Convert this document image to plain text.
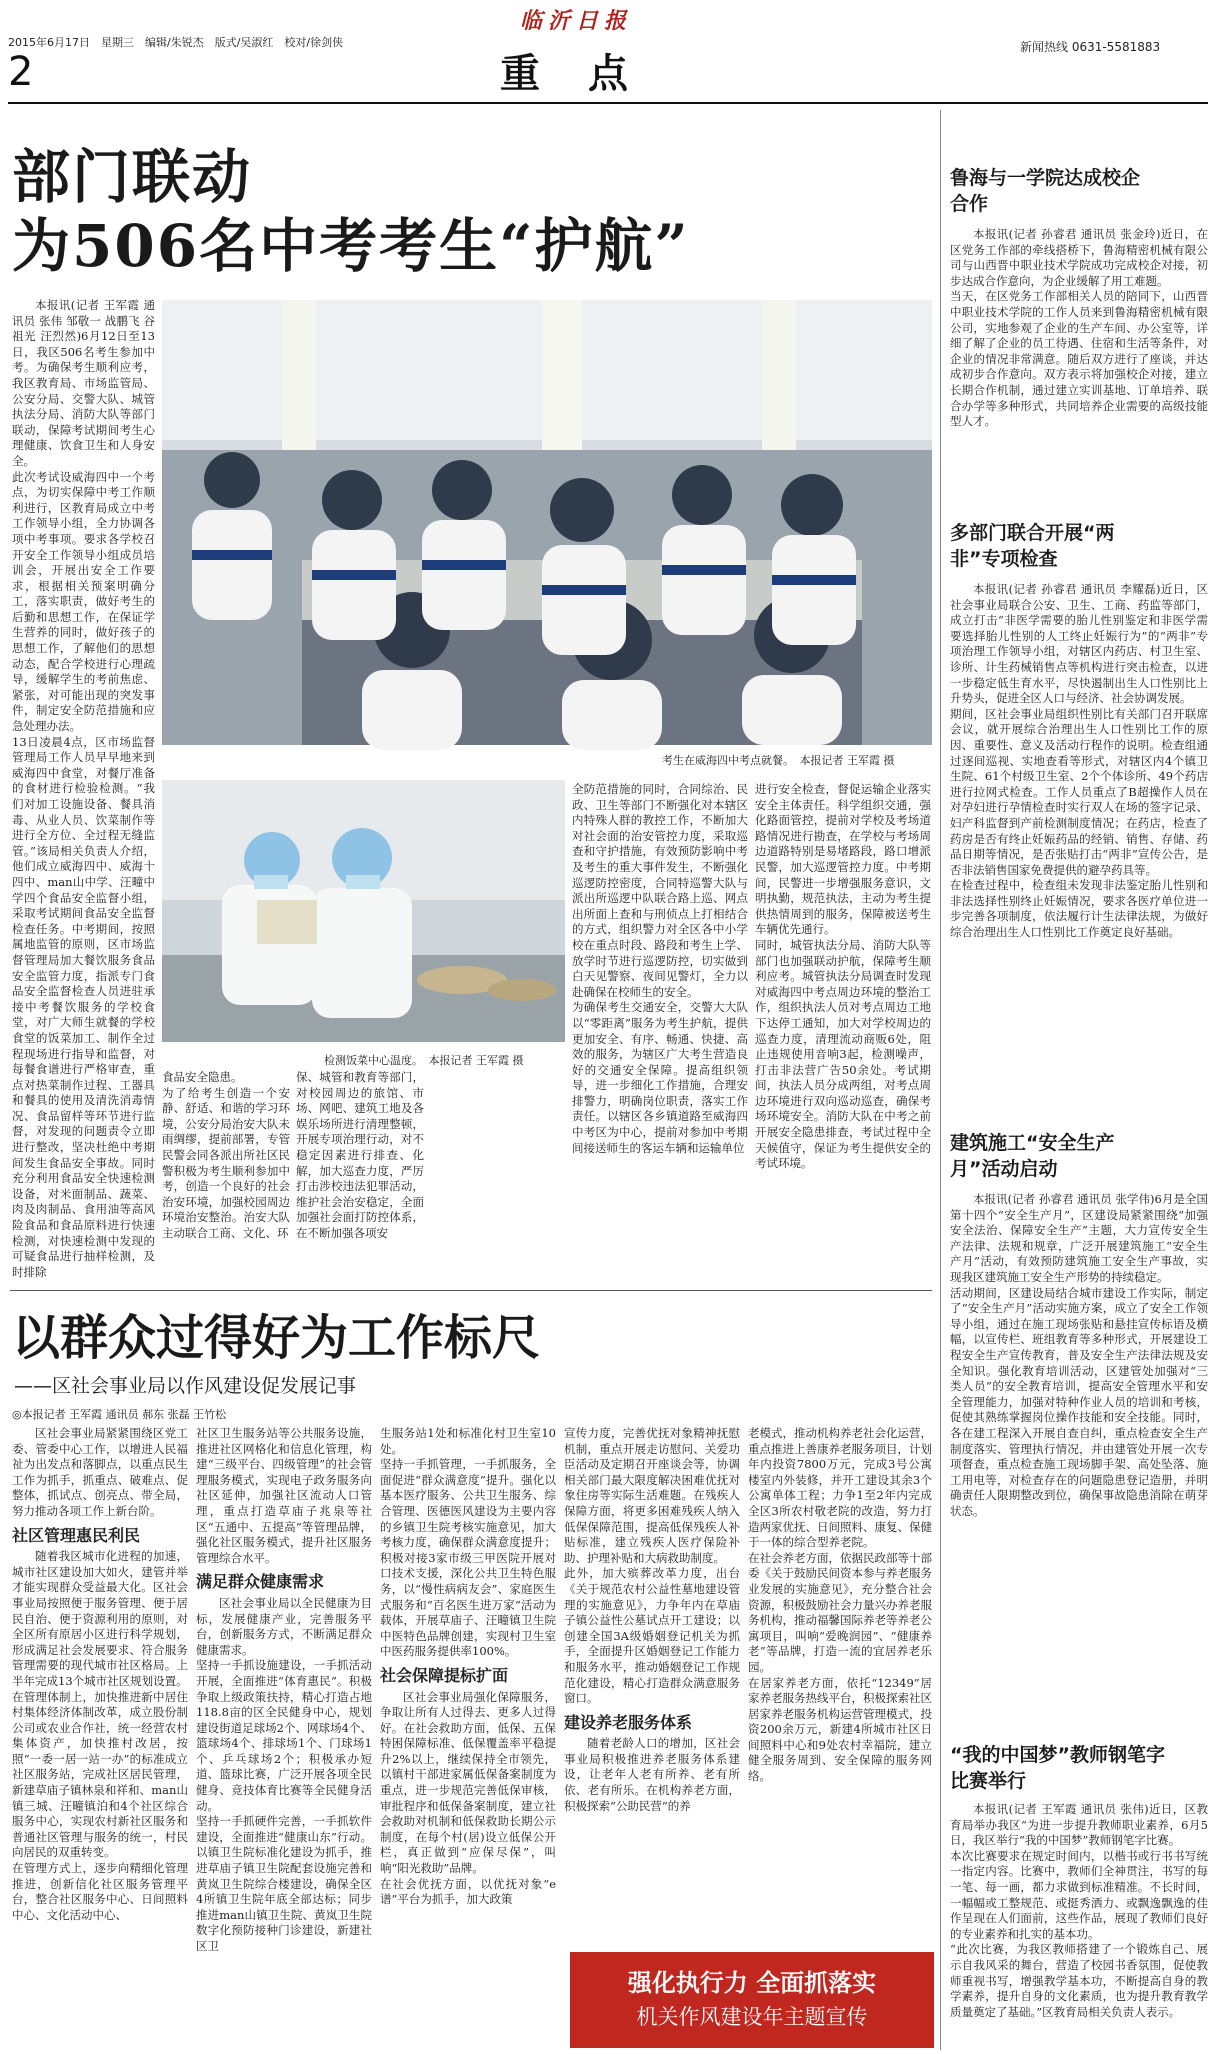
2015年6月17日　星期三　编辑/朱锐杰　版式/吴淑红　校对/徐剑侠
临沂日报
2	重　点
新闻热线 0631-5581883
部门联动
为506名中考考生“护航”
本报讯(记者 王军霞 通讯员 张伟 邹敬一 战鹏飞 谷祖光 汪烈然)6月12日至13日，我区506名考生参加中考。为确保考生顺利应考，我区教育局、市场监管局、公安分局、交警大队、城管执法分局、消防大队等部门联动，保障考试期间考生心理健康、饮食卫生和人身安全。
此次考试设威海四中一个考点，为切实保障中考工作顺利进行，区教育局成立中考工作领导小组，全力协调各项中考事项。要求各学校召开安全工作领导小组成员培训会，开展出安全工作要求，根据相关预案明确分工，落实职责，做好考生的后勤和思想工作，在保证学生营养的同时，做好孩子的思想工作，了解他们的思想动态，配合学校进行心理疏导，缓解学生的考前焦虑、紧张，对可能出现的突发事件，制定安全防范措施和应急处理办法。
13日凌晨4点，区市场监督管理局工作人员早早地来到威海四中食堂，对餐厅准备的食材进行检验检测。“我们对加工设施设备、餐具消毒、从业人员、饮菜制作等进行全方位、全过程无缝监管。”该局相关负责人介绍，他们成立威海四中、威海十四中、man山中学、汪疃中学四个食品安全监督小组，采取考试期间食品安全监督检查任务。中考期间，按照属地监管的原则，区市场监督管理局加大餐饮服务食品安全监管力度，指派专门食品安全监督检查人员进驻承接中考餐饮服务的学校食堂，对广大师生就餐的学校食堂的饭菜加工、制作全过程现场进行指导和监督，对每餐食谱进行严格审查，重点对热菜制作过程、工器具和餐具的使用及清洗消毒情况、食品留样等环节进行监督，对发现的问题责令立即进行整改，坚决杜绝中考期间发生食品安全事故。同时充分利用食品安全快速检测设备，对米面制品、蔬菜、肉及肉制品、食用油等高风险食品和食品原料进行快速检测，对快速检测中发现的可疑食品进行抽样检测，及时排除
考生在威海四中考点就餐。　本报记者 王军霞 摄
检测饭菜中心温度。　本报记者 王军霞 摄
食品安全隐患。
为了给考生创造一个安静、舒适、和谐的学习环境，公安分局治安大队未雨绸缪，提前部署，专管民警会同各派出所社区民警积极为考生顺利参加中考，创造一个良好的社会治安环境，加强校园周边环境治安整治。治安大队主动联合工商、文化、环
保、城管和教育等部门，对校园周边的旅馆、市场、网吧、建筑工地及各娱乐场所进行清理整顿，开展专项治理行动，对不稳定因素进行排查、化解，加大巡查力度，严厉打击涉校违法犯罪活动，维护社会治安稳定，全面加强社会面打防控体系，在不断加强各项安
全防范措施的同时，合同综治、民政、卫生等部门不断强化对本辖区内特殊人群的教控工作，不断加大对社会面的治安管控力度，采取巡查和守护措施，有效预防影响中考及考生的重大事件发生，不断强化巡逻防控密度，合同特巡警大队与派出所巡逻中队联合路上巡、网点出所面上查和与刑侦点上打相结合的方式，组织警力对全区各中小学校在重点时段、路段和考生上学、放学时节进行巡逻防控，切实做到白天见警察、夜间见警灯，全力以赴确保在校师生的安全。
为确保考生交通安全，交警大大队以“零距离”服务为考生护航，提供更加安全、有序、畅通、快捷、高效的服务，为辖区广大考生营造良好的交通安全保障。提高组织领导，进一步细化工作措施，合理安排警力，明确岗位职责，落实工作责任。以辖区各乡镇道路至威海四中考区为中心，提前对参加中考期间接送师生的客运车辆和运输单位
进行安全检查，督促运输企业落实安全主体责任。科学组织交通，强化路面管控，提前对学校及考场道路情况进行勘查，在学校与考场周边道路特别是易堵路段，路口增派民警，加大巡逻管控力度。中考期间，民警进一步增强服务意识，文明执勤，规范执法，主动为考生提供热情周到的服务，保障被送考生车辆优先通行。
同时，城管执法分局、消防大队等部门也加强联动护航，保障考生顺利应考。城管执法分局调查时发现对威海四中考点周边环境的整治工作，组织执法人员对考点周边工地下达停工通知，加大对学校周边的巡查力度，清理流动商贩6处，阻止违规使用音响3起，检测噪声，打击非法营广告50余处。考试期间，执法人员分成两组，对考点周边环境进行双向巡动巡查，确保考场环境安全。消防大队在中考之前开展安全隐患排查，考试过程中全天候值守，保证为考生提供安全的考试环境。
以群众过得好为工作标尺
——区社会事业局以作风建设促发展记事
◎本报记者 王军霞 通讯员 郝东 张磊 王竹松
区社会事业局紧紧围绕区党工委、管委中心工作，以增进人民福祉为出发点和落脚点，以重点民生工作为抓手，抓重点、破难点、促整体，抓试点、创亮点、带全局，努力推动各项工作上新台阶。
社区管理惠民利民
随着我区城市化进程的加速，城市社区建设加大如火，建管并举才能实现群众受益最大化。区社会事业局按照便于服务管理、便于居民自治、便于资源利用的原则，对全区所有原居小区进行科学规划，形成满足社会发展要求、符合服务管理需要的现代城市社区格局。上半年完成13个城市社区规划设置。
在管理体制上，加快推进新中居住村集体经济体制改革，成立股份制公司或农业合作社，统一经营农村集体资产，加快推村改居，按照“一委一居一站一办”的标准成立社区服务站，完成社区居民管理，新建草庙子镇林泉和祥和、man山镇三城、汪疃镇泊和4个社区综合服务中心，实现农村新社区服务和普通社区管理与服务的统一，村民向居民的双重转变。
在管理方式上，逐步向精细化管理推进，创新信化社区服务管理平台，整合社区服务中心、日间照料中心、文化活动中心、
社区卫生服务站等公共服务设施，推进社区网格化和信息化管理，构建“三级平台、四级管理”的社会管理服务模式，实现电子政务服务向社区延伸，加强社区流动人口管理，重点打造草庙子兆泉等社区“五通中、五提高”等管理品牌，强化社区服务模式，提升社区服务管理综合水平。
满足群众健康需求
区社会事业局以全民健康为目标，发展健康产业，完善服务平台，创新服务方式，不断满足群众健康需求。
坚持一手抓设施建设，一手抓活动开展，全面推进“体育惠民”。积极争取上级政策扶持，精心打造占地118.8亩的区全民健身中心，规划建设街道足球场2个、网球场4个、篮球场4个、排球场1个、门球场1个、乒乓球场2个；积极承办短道、篮球比赛，广泛开展各项全民健身、竞技体育比赛等全民健身活动。
坚持一手抓硬件完善，一手抓软件建设，全面推进“健康山东”行动。以镇卫生院标准化建设为抓手，推进草庙子镇卫生院配套设施完善和黄岚卫生院综合楼建设，确保全区4所镇卫生院年底全部达标；同步推进man山镇卫生院、黄岚卫生院数字化预防接种门诊建设，新建社区卫
生服务站1处和标准化村卫生室10处。
坚持一手抓管理，一手抓服务，全面促进“群众满意度”提升。强化以基本医疗服务、公共卫生服务、综合管理、医德医风建设为主要内容的乡镇卫生院考核实施意见，加大考核力度，确保群众满意度提升；积极对接3家市级三甲医院开展对口技术支援，深化公共卫生特色服务，以“慢性病病友会”、家庭医生式服务和“百名医生进万家”活动为载体，开展草庙子、汪疃镇卫生院中医特色品牌创建，实现村卫生室中医药服务提供率100%。
社会保障提标扩面
区社会事业局强化保障服务，争取让所有人过得去、更多人过得好。在社会救助方面，低保、五保特困保障标准、低保覆盖率平稳提升2%以上，继续保持全市领先，以镇村干部进家属低保备案制度为重点，进一步规范完善低保审核，审批程序和低保备案制度，建立社会救助对机制和低保救助长期公示制度，在每个村(居)设立低保公开栏，真正做到“应保尽保”，叫响“阳光救助”品牌。
在社会优抚方面，以优抚对象“e谱”平台为抓手，加大政策
宣传力度，完善优抚对象精神抚慰机制，重点开展走访慰问、关爱功臣活动及定期召开座谈会等，协调相关部门最大限度解决困难优抚对象住房等实际生活难题。在残疾人保障方面，将更多困难残疾人纳入低保保障范围，提高低保残疾人补贴标准，建立残疾人医疗保险补助、护理补贴和大病救助制度。
此外，加大殡葬改革力度，出台《关于规范农村公益性墓地建设管理的实施意见》，力争年内在草庙子镇公益性公墓试点开工建设；以创建全国3A级婚姻登记机关为抓手，全面提升区婚姻登记工作能力和服务水平，推动婚姻登记工作规范化建设，精心打造群众满意服务窗口。
建设养老服务体系
随着老龄人口的增加，区社会事业局积极推进养老服务体系建设，让老年人老有所养、老有所依、老有所乐。在机构养老方面，积极探索“公助民营”的养
老模式，推动机构养老社会化运营，重点推进上善康养老服务项目，计划年内投资7800万元，完成3号公寓楼室内外装修，并开工建设其余3个公寓单体工程；力争1至2年内完成全区3所农村敬老院的改造，努力打造两家优抚、日间照料、康复、保健于一体的综合型养老院。
在社会养老方面，依据民政部等十部委《关于鼓励民间资本参与养老服务业发展的实施意见》，充分整合社会资源，积极鼓励社会力量兴办养老服务机构，推动福馨国际养老等养老公寓项目，叫响“爱晚润园”、“健康养老”等品牌，打造一流的宜居养老乐园。
在居家养老方面，依托“12349”居家养老服务热线平台，积极探索社区居家养老服务机构运营管理模式，投资200余万元，新建4所城市社区日间照料中心和9处农村幸福院，建立健全服务周到、安全保障的服务网络。
强化执行力 全面抓落实
机关作风建设年主题宣传
鲁海与一学院达成校企合作
本报讯(记者 孙睿君 通讯员 张金玲)近日，在区党务工作部的牵线搭桥下，鲁海精密机械有限公司与山西晋中职业技术学院成功完成校企对接，初步达成合作意向，为企业缓解了用工难题。
当天，在区党务工作部相关人员的陪同下，山西晋中职业技术学院的工作人员来到鲁海精密机械有限公司，实地参观了企业的生产车间、办公室等，详细了解了企业的员工待遇、住宿和生活等条件，对企业的情况非常满意。随后双方进行了座谈，并达成初步合作意向。双方表示将加强校企对接，建立长期合作机制，通过建立实训基地、订单培养、联合办学等多种形式，共同培养企业需要的高级技能型人才。
多部门联合开展“两非”专项检查
本报讯(记者 孙睿君 通讯员 李耀磊)近日，区社会事业局联合公安、卫生、工商、药监等部门，成立打击“非医学需要的胎儿性别鉴定和非医学需要选择胎儿性别的人工终止妊娠行为”的“两非”专项治理工作领导小组，对辖区内药店、村卫生室、诊所、计生药械销售点等机构进行突击检查，以进一步稳定低生育水平，尽快遏制出生人口性别比上升势头，促进全区人口与经济、社会协调发展。
期间，区社会事业局组织性别比有关部门召开联席会议，就开展综合治理出生人口性别比工作的原因、重要性、意义及活动行程作的说明。检查组通过逐间巡视、实地查看等形式，对辖区内4个镇卫生院、61个村级卫生室、2个个体诊所、49个药店进行拉网式检查。工作人员重点了B超操作人员在对孕妇进行孕情检查时实行双人在场的签字记录、妇产科监督到产前检测制度情况；在药店，检查了药房是否有终止妊娠药品的经销、销售、存储、药品日期等情况，是否张贴打击“两非”宣传公告，是否非法销售国家免费提供的避孕药具等。
在检查过程中，检查组未发现非法鉴定胎儿性别和非法选择性别终止妊娠情况，要求各医疗单位进一步完善各项制度，依法履行计生法律法规，为做好综合治理出生人口性别比工作奠定良好基础。
建筑施工“安全生产月”活动启动
本报讯(记者 孙睿君 通讯员 张学伟)6月是全国第十四个“安全生产月”，区建设局紧紧围绕“加强安全法治、保障安全生产”主题，大力宣传安全生产法律、法规和规章，广泛开展建筑施工“安全生产月”活动，有效预防建筑施工安全生产事故，实现我区建筑施工安全生产形势的持续稳定。
活动期间，区建设局结合城市建设工作实际，制定了“安全生产月”活动实施方案，成立了安全工作领导小组，通过在施工现场张贴和悬挂宣传标语及横幅，以宣传栏、班组教育等多种形式，开展建设工程安全生产宣传教育，普及安全生产法律法规及安全知识。强化教育培训活动，区建管处加强对“三类人员”的安全教育培训，提高安全管理水平和安全管理能力，加强对特种作业人员的培训和考核，促使其熟练掌握岗位操作技能和安全技能。同时，各在建工程深入开展自查自纠，重点检查安全生产制度落实、管理执行情况，并由建管处开展一次专项督查，重点检查施工现场脚手架、高处坠落、施工用电等，对检查存在的问题隐患登记造册，并明确责任人限期整改到位，确保事故隐患消除在萌芽状态。
“我的中国梦”教师钢笔字比赛举行
本报讯(记者 王军霞 通讯员 张伟)近日，区教育局举办我区“为进一步提升教师职业素养，6月5日，我区举行“我的中国梦”教师钢笔字比赛。
本次比赛要求在规定时间内，以楷书或行书书写统一指定内容。比赛中，教师们全神贯注，书写的每一笔、每一画，都力求做到标准精准。不长时间，一幅幅或工整规范、或挺秀洒力、或飘逸飘逸的佳作呈现在人们面前，这些作品，展现了教师们良好的专业素养和扎实的基本功。
“此次比赛，为我区教师搭建了一个锻炼自己、展示自我风采的舞台，营造了校园书香氛围，促使教师重视书写，增强教学基本功，不断提高自身的教学素养，提升自身的文化素质，也为提升教育教学质量奠定了基础。”区教育局相关负责人表示。
